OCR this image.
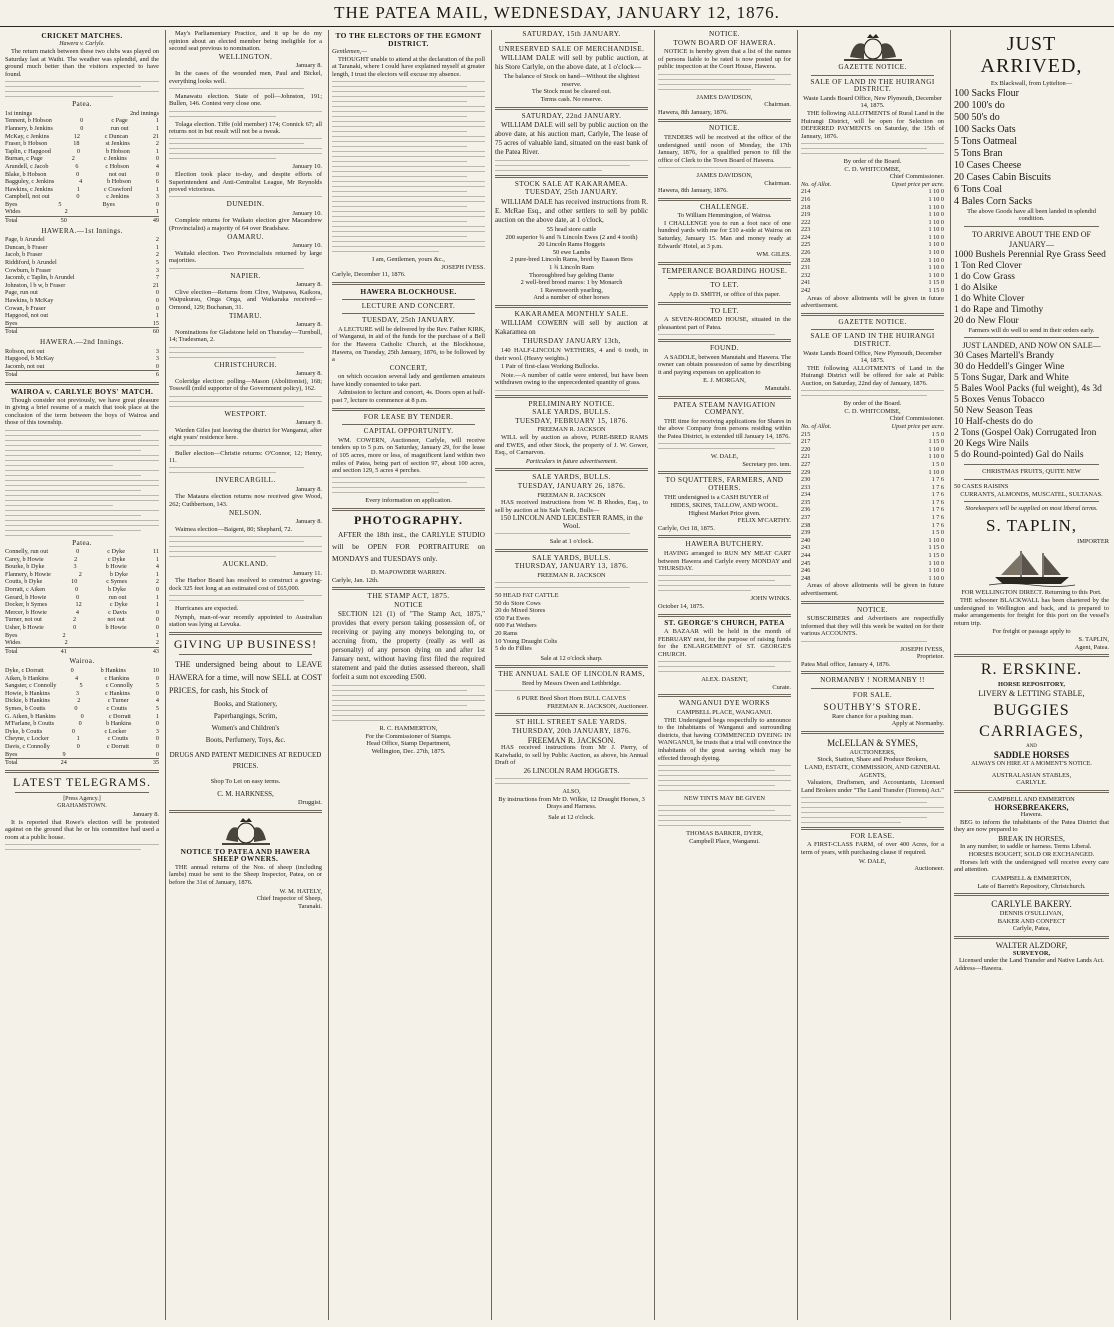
THE PATEA MAIL, WEDNESDAY, JANUARY 12, 1876.
CRICKET MATCHES.
Hawera v. Carlyle.

The return match between these two clubs was played on Saturday last at Waihi. The weather was splendid, and the ground much better than the visitors expected to have found.

Patea.
1st innings	2nd innings
Tennent, b Hobson	0	c Page	1
Flannery, b Jenkins	0	run out	1
McKay, c Jenkins	12	c Duncan	21
Fraser, b Hobson	18	st Jenkins	2
Taplin, c Hapgood	0	b Hobson	1
Burnan, c Page	2	c Jenkins	0
Arundell, c Jacob	6	c Hobson	4
Blake, b Hobson	0	not out	0
Bagguley, c Jenkins	4	b Hobson	6
Hawkins, c Jenkins	1	c Crawford	1
Campbell, not out	0	c Jenkins	3
Byes	5	Byes	0
Wides	2	1
Total	50	49
HAWERA.—1st Innings.
Page, b Arundel	2
Duncan, b Fraser	1
Jacob, b Fraser	2
Riddiford, b Arundel	5
Cowburn, b Fraser	3
Jacomb, c Taplin, b Arundel	7
Johnston, l b w, b Fraser	21
Page, run out	0
Hawkins, b McKay	0
Cowan, b Fraser	0
Hapgood, not out	1
Byes	15
Total	60
HAWERA.—2nd Innings.
Robson, not out	3
Hapgood, b McKay	3
Jacomb, not out	0
Total	6
WAIROA v. CARLYLE BOYS' MATCH.

Though consider not previously, we have great pleasure in giving a brief resume of a match that took place at the conclusion of the term between the boys of Wairoa and those of this township.

Patea.
Connelly, run out	0	c Dyke	11
Carey, b Howie	2	c Dyke	1
Bourke, b Dyke	3	b Howie	4
Flannery, b Howie	2	b Dyke	1
Coutts, b Dyke	10	c Symes	2
Dorratt, c Aiken	0	b Dyke	0
Gerard, b Howie	0	run out	1
Docker, b Symes	12	c Dyke	1
Mercer, b Howie	4	c Davis	0
Turner, not out	2	not out	0
Usher, b Howie	0	b Howie	0
Byes	2	1
Wides	2	2
Total	41	43
Wairoa.
Dyke, c Dorratt	0	b Hankins	10
Aiken, b Hankins	4	c Hankins	0
Sangster, c Connolly	5	c Connolly	5
Howie, b Hankins	3	c Hankins	0
Dickie, b Hankins	2	c Turner	4
Symes, b Coutts	0	c Coutts	5
G. Aiken, b Hankins	0	c Dorratt	1
M'Farlane, b Coutts	0	b Hankins	0
Dyke, b Coutts	0	c Locker	3
Cheyne, c Locker	1	c Coutts	0
Davis, c Connolly	0	c Dorratt	0
Byes	9	0
Total	24	35
LATEST TELEGRAMS.
[Press Agency.]
GRAHAMSTOWN.
January 8.

It is reported that Rowe's election will be protested against on the ground that he or his committee had used a room at a public house.

May's Parliamentary Practice, and it up be do my opinion about an elected member being ineligible for a second seat previous to nomination.

WELLINGTON.
January 8.

In the cases of the wounded men, Paul and Bickel, everything looks well.

Manawatu election. State of poll—Johnston, 191; Bullen, 146. Contest very close one.

Tolaga election. Tiffe (old member) 174; Connick 67; all returns not in but result will not be a tweak.

January 10.

Election took place to-day, and despite efforts of Superintendent and Anti-Centralist League, Mr Reynolds proved victorious.

DUNEDIN.
January 10.

Complete returns for Waikato election give Macandrew (Provincialist) a majority of 64 over Bradshaw.

OAMARU.
January 10.

Waitaki election. Two Provincialists returned by large majorities.

NAPIER.
January 8.

Clive election—Returns from Clive, Waipawa, Kaikora, Waipukurau, Onga Onga, and Waikaraka received—Ormond, 129; Buchanan, 31.

TIMARU.
January 8.

Nominations for Gladstone held on Thursday—Turnbull, 14; Tradesman, 2.

CHRISTCHURCH.
January 8.

Coleridge election: polling—Mason (Abolitionist), 168; Tosswill (mild supporter of the Government policy), 162.

WESTPORT.
January 8.

Warden Giles just leaving the district for Wanganui, after eight years' residence here.

Buller election—Christie returns: O'Connor, 12; Henry, 11.

INVERCARGILL.
January 8.

The Mataura election returns now received give Wood, 262; Cuthbertson, 143.

NELSON.
January 8.

Waimea election—Baigent, 80; Shephard, 72.

AUCKLAND.
January 11.

The Harbor Board has resolved to construct a graving-dock 325 feet long at an estimated cost of £65,000.

Hurricanes are expected.

Nymph, man-of-war recently appointed to Australian station was lying at Levuka.

GIVING UP BUSINESS!

THE undersigned being about to LEAVE HAWERA for a time, will now SELL at COST PRICES, for cash, his Stock of

Books, and Stationery,
Paperhangings, Scrim,
Women's and Children's
Boots, Perfumery, Toys, &c.
DRUGS AND PATENT MEDICINES AT REDUCED PRICES.
Shop To Let on easy terms.
C. M. HARKNESS,
Druggist.
NOTICE TO PATEA AND HAWERA SHEEP OWNERS.

THE annual returns of the Nos. of sheep (including lambs) must be sent to the Sheep Inspector, Patea, on or before the 31st of January, 1876.

W. M. HATELY,
Chief Inspector of Sheep,
Taranaki.
TO THE ELECTORS OF THE EGMONT DISTRICT.
Gentlemen,—

THOUGHT unable to attend at the declaration of the poll at Taranaki, where I could have explained myself at greater length, I trust the electors will excuse my absence.

I am, Gentlemen, yours &c.,
JOSEPH IVESS.
Carlyle, December 11, 1876.
HAWERA BLOCKHOUSE.
LECTURE AND CONCERT.
TUESDAY, 25th JANUARY.

A LECTURE will be delivered by the Rev. Father KIRK, of Wanganui, in aid of the funds for the purchase of a Bell for the Hawera Catholic Church, at the Blockhouse, Hawera, on Tuesday, 25th January, 1876, to be followed by a

CONCERT,

on which occasion several lady and gentlemen amateurs have kindly consented to take part.

Admission to lecture and concert, 4s. Doors open at half-past 7, lecture to commence at 8 p.m.

FOR LEASE BY TENDER.
CAPITAL OPPORTUNITY.

WM. COWERN, Auctioneer, Carlyle, will receive tenders up to 5 p.m. on Saturday, January 29, for the lease of 105 acres, more or less, of magnificent land within two miles of Patea, being part of section 97, about 100 acres, and section 129, 5 acres 4 perches.

Every information on application.
PHOTOGRAPHY.

AFTER the 18th inst., the CARLYLE STUDIO will be OPEN FOR PORTRAITURE on MONDAYS and TUESDAYS only.

D. MAPOWDER WARREN.
Carlyle, Jan. 12th.
THE STAMP ACT, 1875.
NOTICE

SECTION 121 (1) of "The Stamp Act, 1875," provides that every person taking possession of, or receiving or paying any moneys belonging to, or accruing from, the property (really as well as personalty) of any person dying on and after 1st January next, without having first filed the required statement and paid the duties assessed thereon, shall forfeit a sum not exceeding £500.

R. C. HAMMERTON,
For the Commissioner of Stamps.
Head Office, Stamp Department,
Wellington, Dec. 27th, 1875.
SATURDAY, 15th JANUARY.
UNRESERVED SALE OF MERCHANDISE.

WILLIAM DALE will sell by public auction, at his Store Carlyle, on the above date, at 1 o'clock—

The balance of Stock on hand—Without the slightest reserve.
The Stock must be cleared out.
Terms cash. No reserve.
SATURDAY, 22nd JANUARY.

WILLIAM DALE will sell by public auction on the above date, at his auction mart, Carlyle, The lease of 75 acres of valuable land, situated on the east bank of the Patea River.

STOCK SALE AT KAKARAMEA.
TUESDAY, 25th JANUARY.

WILLIAM DALE has received instructions from R. E. McRae Esq., and other settlers to sell by public auction on the above date, at 1 o'clock,

55 head store cattle
200 superior ¾ and ⅞ Lincoln Ewes (2 and 4 tooth)
20 Lincoln Rams Hoggets
50 ewe Lambs
2 pure-bred Lincoln Rams, bred by Eaassn Bros
1 ¾ Lincoln Ram
Thoroughbred bay gelding Dante
2 well-bred brood mares: 1 by Monarch
1 Ravensworth yearling,
And a number of other horses
KAKARAMEA MONTHLY SALE.

WILLIAM COWERN will sell by auction at Kakaramea on

THURSDAY JANUARY 13th,

140 HALF-LINCOLN WETHERS, 4 and 6 tooth, in their wool. (Heavy weights.)

1 Pair of first-class Working Bullocks.

Note.—A number of cattle were entered, but have been withdrawn owing to the unprecedented quantity of grass.

PRELIMINARY NOTICE.
SALE YARDS, BULLS.
TUESDAY, FEBRUARY 15, 1876.
FREEMAN R. JACKSON

WILL sell by auction as above, PURE-BRED RAMS and EWES, and other Stock, the property of J. W. Gower, Esq., of Carnarvon.

Particulars in future advertisement.
SALE YARDS, BULLS.
TUESDAY, JANUARY 26, 1876.
FREEMAN R. JACKSON

HAS received instructions from W. B Rhodes, Esq., to sell by auction at his Sale Yards, Bulls—

150 LINCOLN AND LEICESTER RAMS, in the Wool.
Sale at 1 o'clock.
SALE YARDS, BULLS.
THURSDAY, JANUARY 13, 1876.
FREEMAN R. JACKSON
50 HEAD FAT CATTLE
50 do Store Cows
20 do Mixed Stores
650 Fat Ewes
600 Fat Wethers
20 Rams
10 Young Draught Colts
5 do do Fillies
Sale at 12 o'clock sharp.
THE ANNUAL SALE OF LINCOLN RAMS,
Bred by Messrs Owen and Lethbridge.
6 PURE Bred Short Horn BULL CALVES
FREEMAN R. JACKSON, Auctioneer.
ST HILL STREET SALE YARDS.
THURSDAY, 20th JANUARY, 1876.
FREEMAN R. JACKSON.

HAS received instructions from Mr J. Pierry, of Kaiwhaiki, to sell by Public Auction, as above, his Annual Draft of

26 LINCOLN RAM HOGGETS.
ALSO,
By instructions from Mr D. Wilkie, 12 Draught Horses, 3 Drays and Harness.
Sale at 12 o'clock.
NOTICE.
TOWN BOARD OF HAWERA.

NOTICE is hereby given that a list of the names of persons liable to be rated is now posted up for public inspection at the Court House, Hawera.

JAMES DAVIDSON,
Chairman.
Hawera, 8th January, 1876.
NOTICE.

TENDERS will be received at the office of the undersigned until noon of Monday, the 17th January, 1876, for a qualified person to fill the office of Clerk to the Town Board of Hawera.

JAMES DAVIDSON,
Chairman.
Hawera, 8th January, 1876.
CHALLENGE.
To William Hemmington, of Wairoa.

I CHALLENGE you to run a foot race of one hundred yards with me for £10 a-side at Wairoa on Saturday, January 15. Man and money ready at Edwards' Hotel, at 3 p.m.

WM. GILES.
TEMPERANCE BOARDING HOUSE.
TO LET.
Apply to D. SMITH, or office of this paper.
TO LET.

A SEVEN-ROOMED HOUSE, situated in the pleasantest part of Patea.

FOUND.

A SADDLE, between Manutahi and Hawera. The owner can obtain possession of same by describing it and paying expenses on application to

E. J. MORGAN,
Manutahi.
PATEA STEAM NAVIGATION COMPANY.

THE time for receiving applications for Shares in the above Company from persons residing within the Patea District, is extended till January 14, 1876.

W. DALE,
Secretary pro. tem.
TO SQUATTERS, FARMERS, AND OTHERS.

THE undersigned is a CASH BUYER of

HIDES, SKINS, TALLOW, AND WOOL.
Highest Market Price given.
FELIX M'CARTHY.
Carlyle, Oct 18, 1875.
HAWERA BUTCHERY.

HAVING arranged to RUN MY MEAT CART between Hawera and Carlyle every MONDAY and THURSDAY.

JOHN WINKS.
October 14, 1875.
ST. GEORGE'S CHURCH, PATEA

A BAZAAR will be held in the month of FEBRUARY next, for the purpose of raising funds for the ENLARGEMENT of ST. GEORGE'S CHURCH.

ALEX. DASENT,
Curate.
WANGANUI DYE WORKS
CAMPBELL PLACE, WANGANUI.

THE Undersigned begs respectfully to announce to the inhabitants of Wanganui and surrounding districts, that having COMMENCED DYEING IN WANGANUI, he trusts that a trial will convince the inhabitants of the great saving which may be effected through dyeing.

NEW TINTS MAY BE GIVEN
THOMAS BARKER, DYER,
Campbell Place, Wanganui.
GAZETTE NOTICE.
SALE OF LAND IN THE HUIRANGI DISTRICT.
Waste Lands Board Office, New Plymouth, December 14, 1875.

THE following ALLOTMENTS of Rural Land in the Huirangi District, will be open for Selection on DEFERRED PAYMENTS on Saturday, the 15th of January, 1876.

By order of the Board.
C. D. WHITCOMBE,
Chief Commissioner.
No. of Allot.	Upset price per acre.
214	1 10 0
216	1 10 0
218	1 10 0
219	1 10 0
222	1 10 0
223	1 10 0
224	1 10 0
225	1 10 0
226	1 10 0
228	1 10 0
231	1 10 0
232	1 10 0
241	1 15 0
242	1 15 0

Areas of above allotments will be given in future advertisement.

GAZETTE NOTICE.
SALE OF LAND IN THE HUIRANGI DISTRICT.
Waste Lands Board Office, New Plymouth, December 14, 1875.

THE following ALLOTMENTS of Land in the Huirangi District will be offered for sale at Public Auction, on Saturday, 22nd day of January, 1876.

By order of the Board.
C. D. WHITCOMBE,
Chief Commissioner.
No. of Allot.	Upset price per acre.
215	1 5 0
217	1 15 0
220	1 10 0
221	1 10 0
227	1 5 0
229	1 10 0
230	1 7 6
233	1 7 6
234	1 7 6
235	1 7 6
236	1 7 6
237	1 7 6
238	1 7 6
239	1 5 0
240	1 10 0
243	1 15 0
244	1 15 0
245	1 10 0
246	1 10 0
248	1 10 0

Areas of above allotments will be given in future advertisement.

NOTICE.

SUBSCRIBERS and Advertisers are respectfully informed that they will this week be waited on for their various ACCOUNTS.

JOSEPH IVESS,
Proprietor.
Patea Mail office, January 4, 1876.
NORMANBY ! NORMANBY !!
FOR SALE.
SOUTHBY'S STORE.
Rare chance for a pushing man.
Apply at Normanby.
McLELLAN & SYMES,
AUCTIONEERS,
Stock, Station, Share and Produce Brokers,
LAND, ESTATE, COMMISSION, AND GENERAL AGENTS,

Valuators, Draftsmen, and Accountants, Licensed Land Brokers under "The Land Transfer (Torrens) Act."

FOR LEASE.

A FIRST-CLASS FARM, of over 400 Acres, for a term of years, with purchasing clause if required.

W. DALE,
Auctioneer.
JUST ARRIVED,
Ex Blackwall, from Lyttelton—
100 Sacks Flour
200 100's do
500 50's do
100 Sacks Oats
5 Tons Oatmeal
5 Tons Bran
10 Cases Cheese
20 Cases Cabin Biscuits
6 Tons Coal
4 Bales Corn Sacks
The above Goods have all been landed in splendid condition.
TO ARRIVE ABOUT THE END OF JANUARY—
1000 Bushels Perennial Rye Grass Seed
1 Ton Red Clover
1 do Cow Grass
1 do Alsike
1 do White Clover
1 do Rape and Timothy
20 do New Flour
Farmers will do well to send in their orders early.
JUST LANDED, AND NOW ON SALE—
30 Cases Martell's Brandy
30 do Heddell's Ginger Wine
5 Tons Sugar, Dark and White
5 Bales Wool Packs (ful weight), 4s 3d
5 Boxes Venus Tobacco
50 New Season Teas
10 Half-chests do do
2 Tons (Gospel Oak) Corrugated Iron
20 Kegs Wire Nails
5 do Round-pointed) Gal do Nails
CHRISTMAS FRUITS, QUITE NEW
50 CASES RAISINS
CURRANTS, ALMONDS, MUSCATEL, SULTANAS.
Storekeepers will be supplied on most liberal terms.
S. TAPLIN,
IMPORTER
FOR WELLINGTON DIRECT. Returning to this Port.

THE schooner BLACKWALL has been chartered by the undersigned to Wellington and back, and is prepared to make arrangements for freight for this port on the vessel's return trip.

For freight or passage apply to
S. TAPLIN,
Agent, Patea.
R. ERSKINE.
HORSE REPOSITORY,
LIVERY & LETTING STABLE,
BUGGIES
CARRIAGES,
AND
SADDLE HORSES
ALWAYS ON HIRE AT A MOMENT'S NOTICE.
AUSTRALASIAN STABLES,
CARLYLE.
CAMPBELL AND EMMERTON
HORSEBREAKERS,
Hawera.

BEG to inform the inhabitants of the Patea District that they are now prepared to

BREAK IN HORSES,

In any number, to saddle or harness. Terms Liberal.

HORSES BOUGHT, SOLD OR EXCHANGED.

Horses left with the undersigned will receive every care and attention.

CAMPBELL & EMMERTON,
Late of Barrett's Repository, Christchurch.
CARLYLE BAKERY.
DENNIS O'SULLIVAN,
BAKER AND CONFECT
Carlyle, Patea,
WALTER ALZDORF,
SURVEYOR,
Licensed under the Land Transfer and Native Lands Act.
Address—Hawera.
